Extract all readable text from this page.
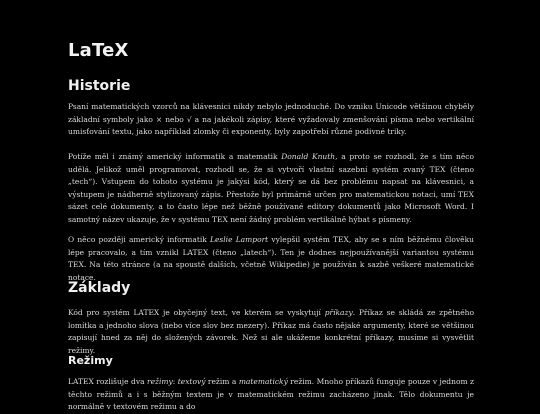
LaTeX
Historie

Psaní matematických vzorců na klávesnici nikdy nebylo jednoduché. Do vzniku Unicode většinou chyběly základní symboly jako × nebo √ a na jakékoli zápisy, které vyžadovaly zmenšování písma nebo vertikální umisťování textu, jako například zlomky či exponenty, byly zapotřebí různé podivné triky.

Potíže měl i známý americký informatik a matematik Donald Knuth, a proto se rozhodl, že s tím něco udělá. Jelikož uměl programovat, rozhodl se, že si vytvoří vlastní sazební systém zvaný TEX (čteno „tech“). Vstupem do tohoto systému je jakýsi kód, který se dá bez problému napsat na klávesnici, a výstupem je nádherně stylizovaný zápis. Přestože byl primárně určen pro matematickou notaci, umí TEX sázet celé dokumenty, a to často lépe než běžně používané editory dokumentů jako Microsoft Word. I samotný název ukazuje, že v systému TEX není žádný problém vertikálně hýbat s písmeny.

O něco později americký informatik Leslie Lamport vylepšil systém TEX, aby se s ním běžnému člověku lépe pracovalo, a tím vznikl LATEX (čteno „latech“). Ten je dodnes nejpoužívanější variantou systému TEX. Na této stránce (a na spoustě dalších, včetně Wikipedie) je používán k sazbě veškeré matematické notace.

Základy

Kód pro systém LATEX je obyčejný text, ve kterém se vyskytují příkazy. Příkaz se skládá ze zpětného lomítka a jednoho slova (nebo více slov bez mezery). Příkaz má často nějaké argumenty, které se většinou zapisují hned za něj do složených závorek. Než si ale ukážeme konkrétní příkazy, musíme si vysvětlit režimy.

Režimy

LATEX rozlišuje dva režimy: textový režim a matematický režim. Mnoho příkazů funguje pouze v jednom z těchto režimů a i s běžným textem je v matematickém režimu zacházeno jinak. Tělo dokumentu je normálně v textovém režimu a do
